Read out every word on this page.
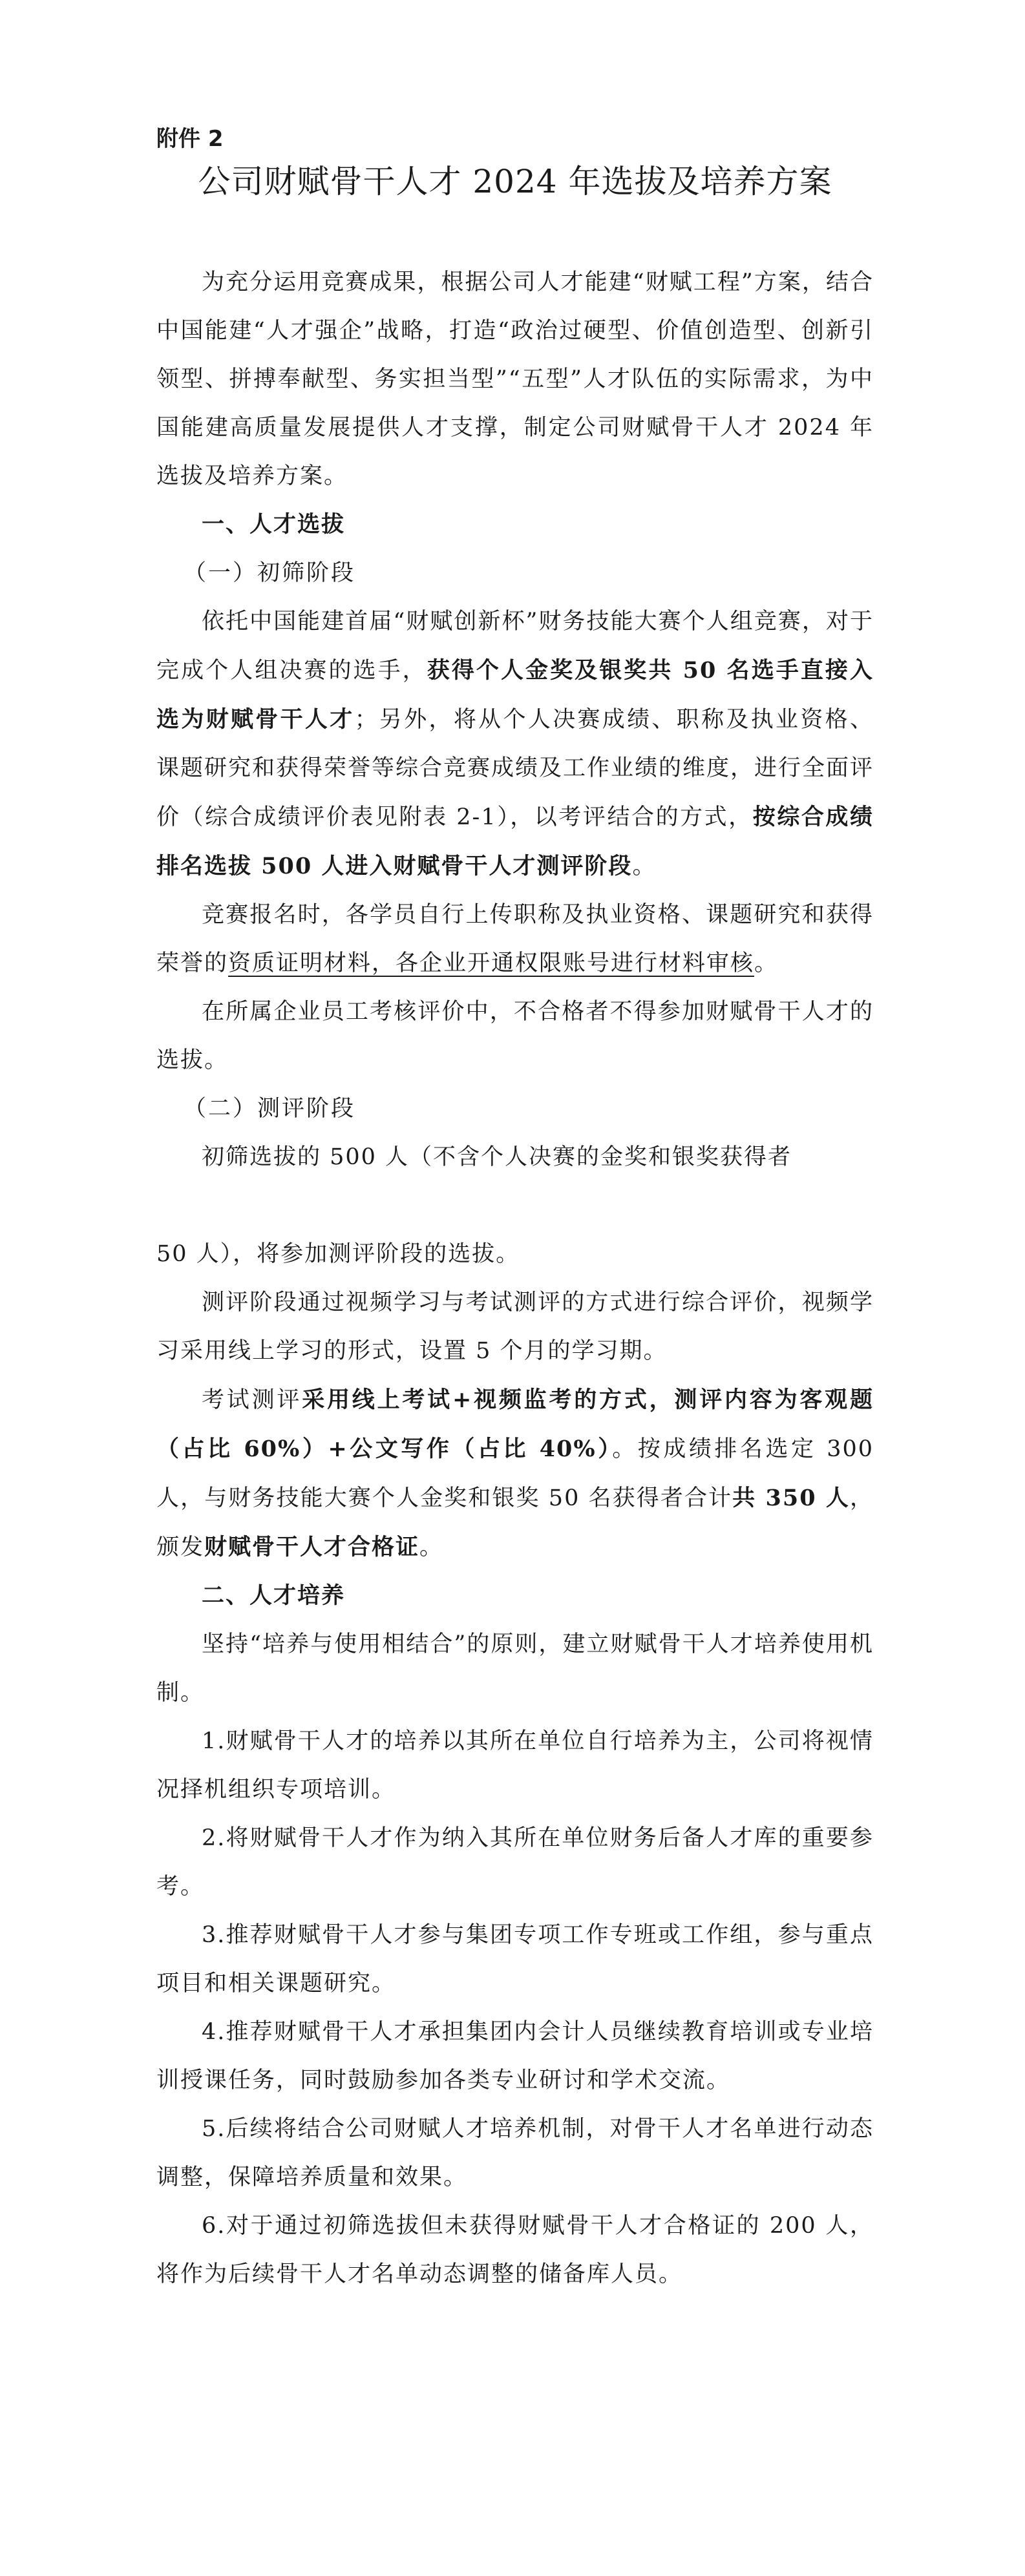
附件 2

公司财赋骨干人才 2024 年选拔及培养方案

为充分运用竞赛成果，根据公司人才能建“财赋工程”方案，结合中国能建“人才强企”战略，打造“政治过硬型、价值创造型、创新引领型、拼搏奉献型、务实担当型”“五型”人才队伍的实际需求，为中国能建高质量发展提供人才支撑，制定公司财赋骨干人才 2024 年选拔及培养方案。

一、人才选拔

（一）初筛阶段

依托中国能建首届“财赋创新杯”财务技能大赛个人组竞赛，对于完成个人组决赛的选手，获得个人金奖及银奖共 50 名选手直接入选为财赋骨干人才；另外，将从个人决赛成绩、职称及执业资格、课题研究和获得荣誉等综合竞赛成绩及工作业绩的维度，进行全面评价（综合成绩评价表见附表 2-1），以考评结合的方式，按综合成绩排名选拔 500 人进入财赋骨干人才测评阶段。

竞赛报名时，各学员自行上传职称及执业资格、课题研究和获得荣誉的资质证明材料，各企业开通权限账号进行材料审核。

在所属企业员工考核评价中，不合格者不得参加财赋骨干人才的选拔。

（二）测评阶段

初筛选拔的 500 人（不含个人决赛的金奖和银奖获得者

50 人），将参加测评阶段的选拔。

测评阶段通过视频学习与考试测评的方式进行综合评价，视频学习采用线上学习的形式，设置 5 个月的学习期。

考试测评采用线上考试+视频监考的方式，测评内容为客观题（占比 60%）+公文写作（占比 40%）。按成绩排名选定 300 人，与财务技能大赛个人金奖和银奖 50 名获得者合计共 350 人，颁发财赋骨干人才合格证。

二、人才培养

坚持“培养与使用相结合”的原则，建立财赋骨干人才培养使用机制。

1.财赋骨干人才的培养以其所在单位自行培养为主，公司将视情况择机组织专项培训。

2.将财赋骨干人才作为纳入其所在单位财务后备人才库的重要参考。

3.推荐财赋骨干人才参与集团专项工作专班或工作组，参与重点项目和相关课题研究。

4.推荐财赋骨干人才承担集团内会计人员继续教育培训或专业培训授课任务，同时鼓励参加各类专业研讨和学术交流。

5.后续将结合公司财赋人才培养机制，对骨干人才名单进行动态调整，保障培养质量和效果。

6.对于通过初筛选拔但未获得财赋骨干人才合格证的 200 人，将作为后续骨干人才名单动态调整的储备库人员。
